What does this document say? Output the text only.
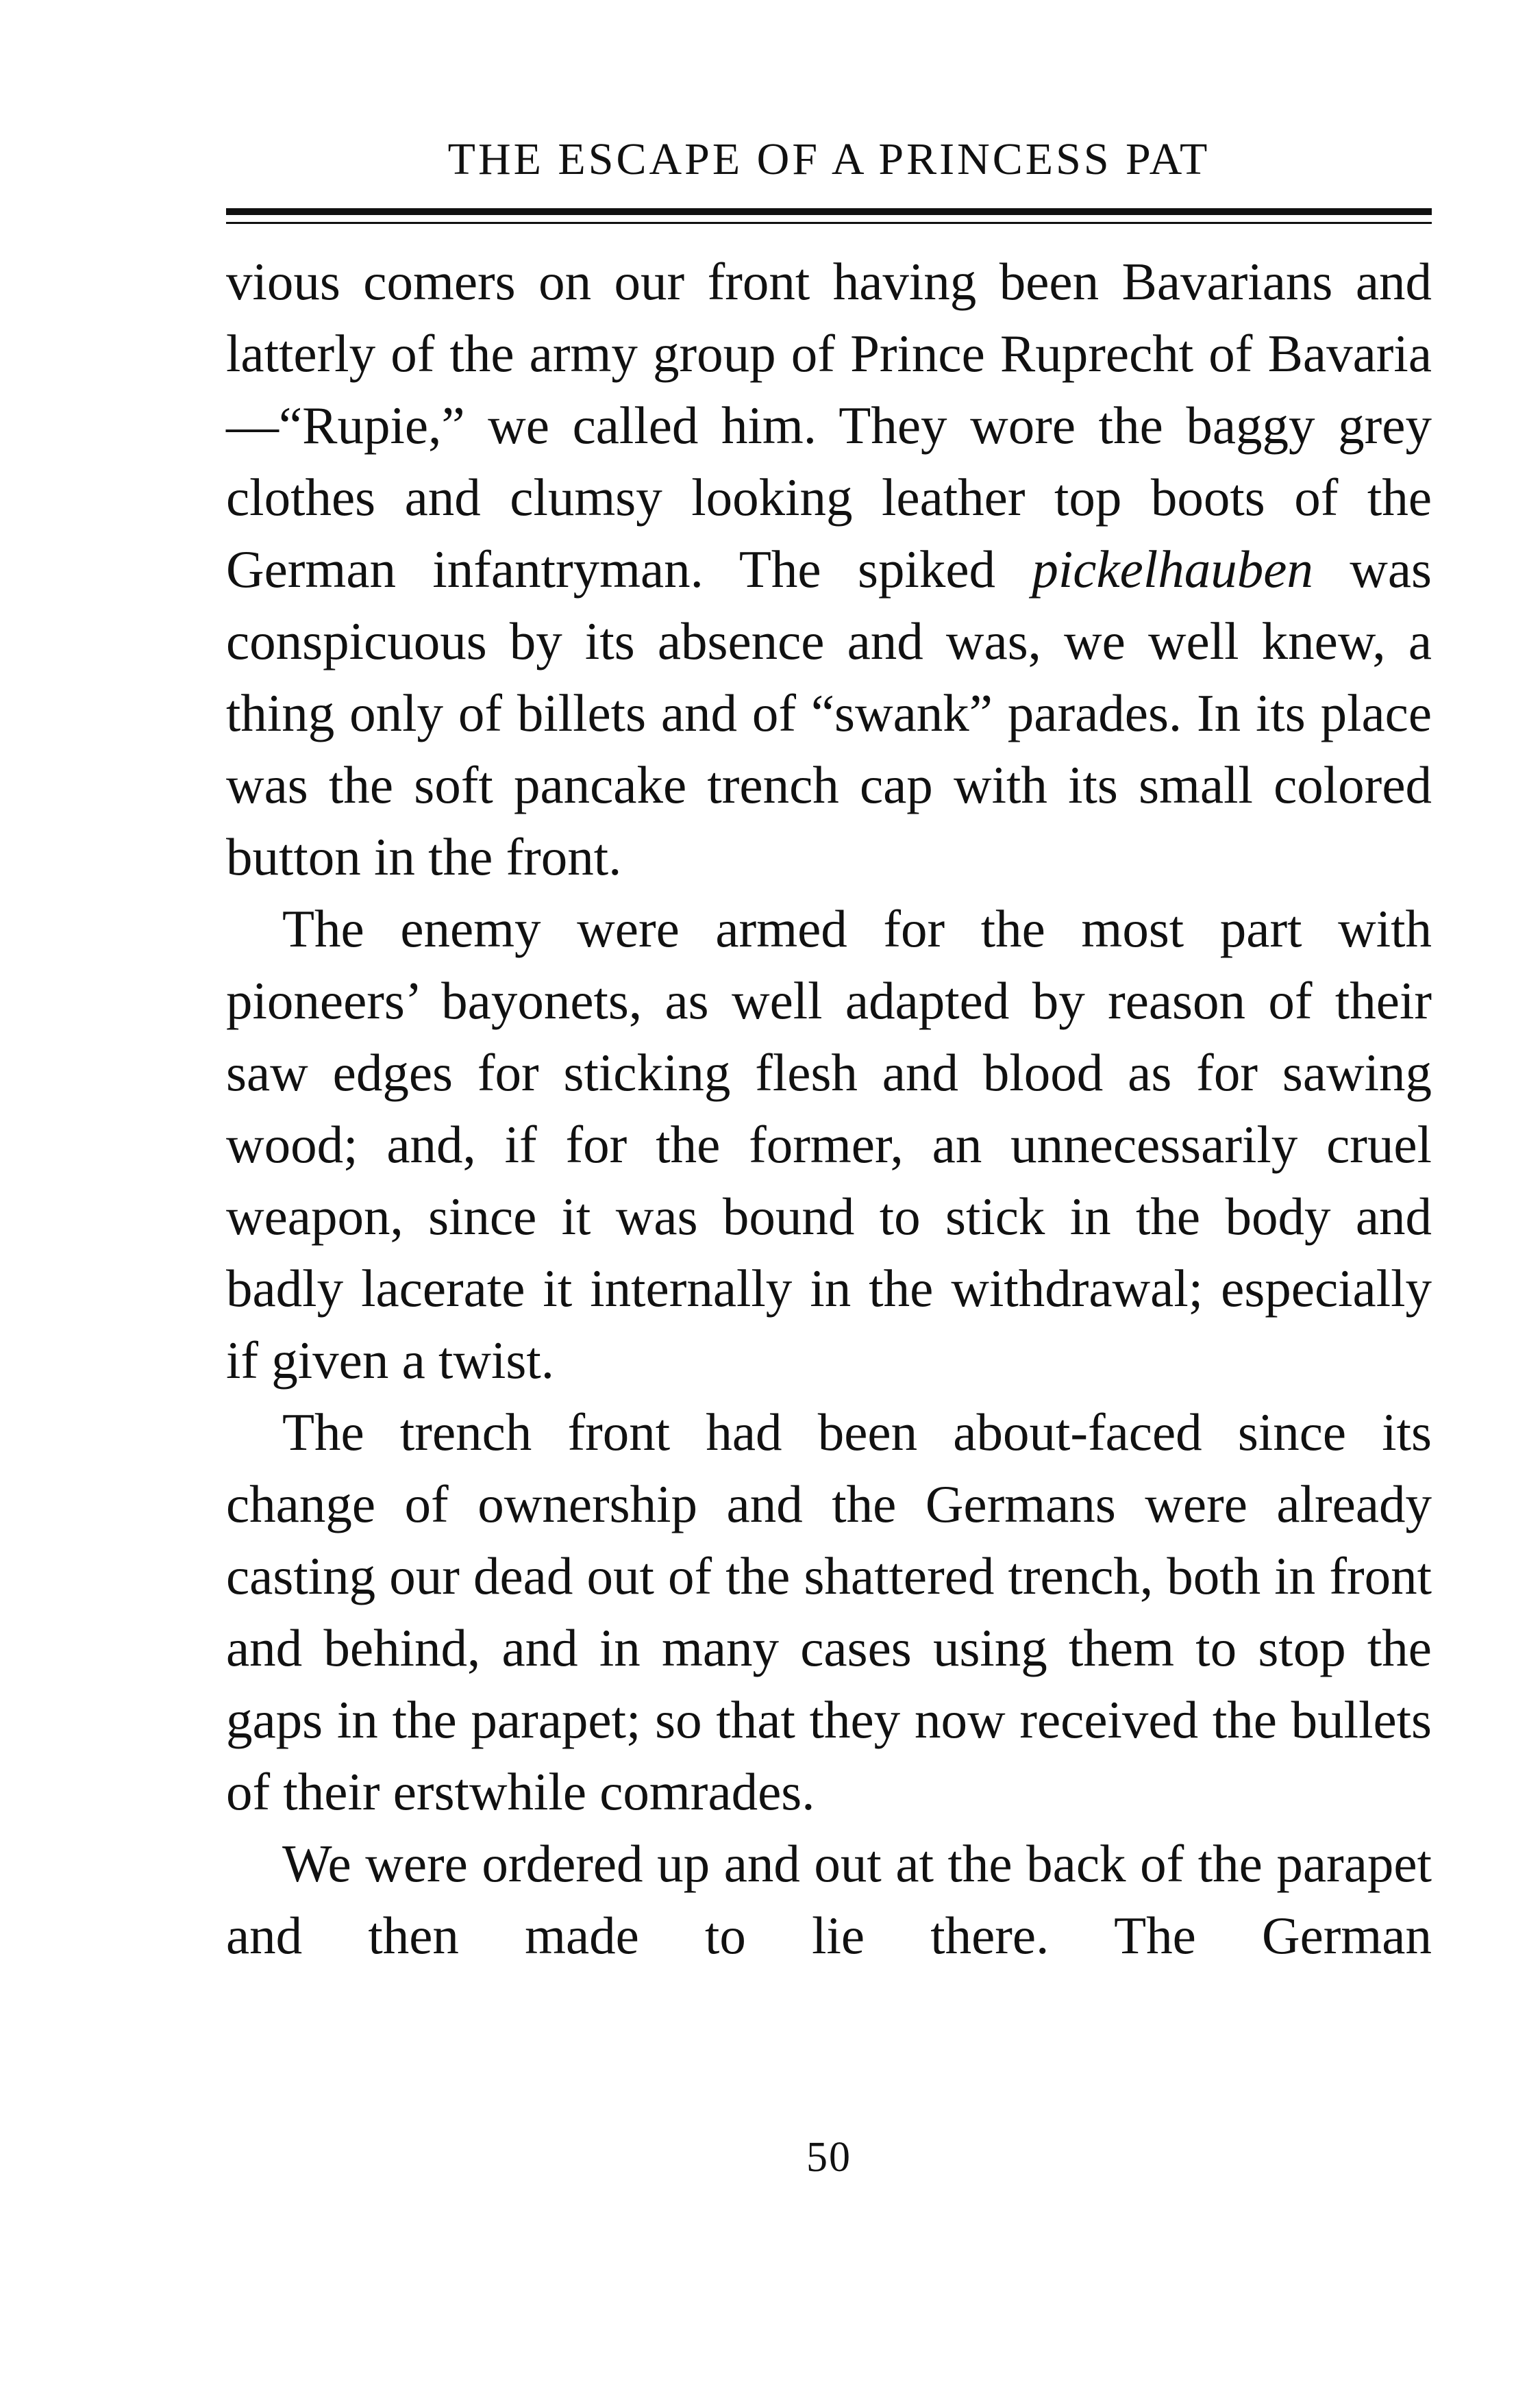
THE ESCAPE OF A PRINCESS PAT

vious comers on our front having been Bavarians and latterly of the army group of Prince Ruprecht of Bavaria—“Rupie,” we called him. They wore the baggy grey clothes and clumsy looking leather top boots of the German infantryman. The spiked pickelhauben was conspicuous by its absence and was, we well knew, a thing only of billets and of “swank” parades. In its place was the soft pancake trench cap with its small colored button in the front.

The enemy were armed for the most part with pioneers’ bayonets, as well adapted by reason of their saw edges for sticking flesh and blood as for sawing wood; and, if for the former, an unnecessarily cruel weapon, since it was bound to stick in the body and badly lacerate it internally in the withdrawal; especially if given a twist.

The trench front had been about-faced since its change of ownership and the Germans were already casting our dead out of the shattered trench, both in front and behind, and in many cases using them to stop the gaps in the parapet; so that they now received the bullets of their erstwhile comrades.

We were ordered up and out at the back of the parapet and then made to lie there. The German

50
